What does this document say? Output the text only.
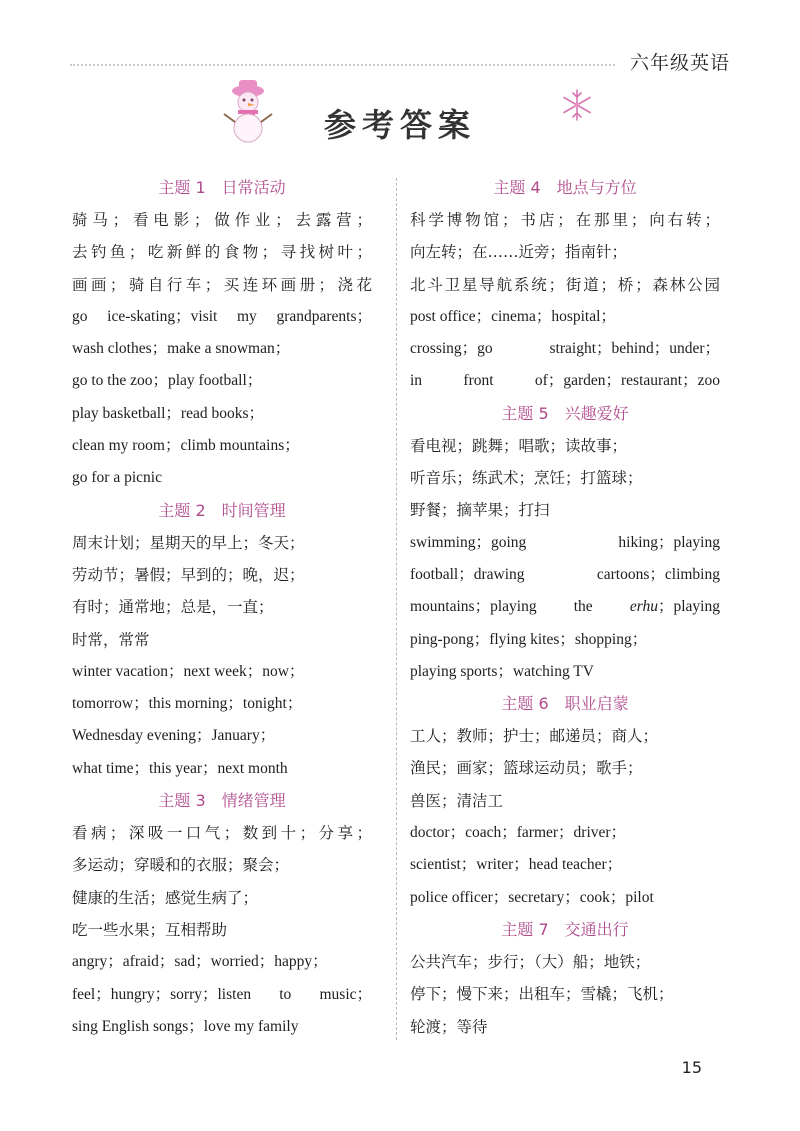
六年级英语
参考答案
主题 1　日常活动
骑马；看电影；做作业；去露营；
去钓鱼；吃新鲜的食物；寻找树叶；
画画；骑自行车；买连环画册；浇花
go ice-skating；visit my grandparents；
wash clothes；make a snowman；
go to the zoo；play football；
play basketball；read books；
clean my room；climb mountains；
go for a picnic
主题 2　时间管理
周末计划；星期天的早上；冬天；
劳动节；暑假；早到的；晚，迟；
有时；通常地；总是，一直；
时常，常常
winter vacation；next week；now；
tomorrow；this morning；tonight；
Wednesday evening；January；
what time；this year；next month
主题 3　情绪管理
看病；深吸一口气；数到十；分享；
多运动；穿暖和的衣服；聚会；
健康的生活；感觉生病了；
吃一些水果；互相帮助
angry；afraid；sad；worried；happy；
feel；hungry；sorry；listen to music；
sing English songs；love my family
主题 4　地点与方位
科学博物馆；书店；在那里；向右转；
向左转；在……近旁；指南针；
北斗卫星导航系统；街道；桥；森林公园
post office；cinema；hospital；
crossing；go straight；behind；under；
in front of；garden；restaurant；zoo
主题 5　兴趣爱好
看电视；跳舞；唱歌；读故事；
听音乐；练武术；烹饪；打篮球；
野餐；摘苹果；打扫
swimming；going hiking；playing
football；drawing cartoons；climbing
mountains；playing the erhu；playing
ping-pong；flying kites；shopping；
playing sports；watching TV
主题 6　职业启蒙
工人；教师；护士；邮递员；商人；
渔民；画家；篮球运动员；歌手；
兽医；清洁工
doctor；coach；farmer；driver；
scientist；writer；head teacher；
police officer；secretary；cook；pilot
主题 7　交通出行
公共汽车；步行；（大）船；地铁；
停下；慢下来；出租车；雪橇；飞机；
轮渡；等待
15
